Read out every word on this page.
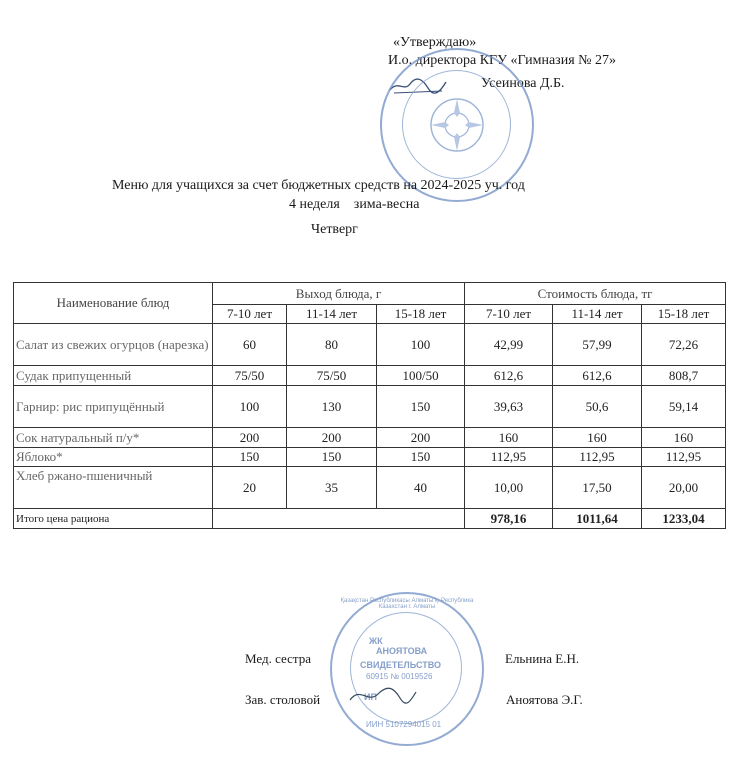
«Утверждаю»
И.о. директора КГУ «Гимназия № 27»
Усеинова Д.Б.
Меню для учащихся за счет бюджетных средств на 2024-2025 уч. год
4 неделя    зима-весна
Четверг
Наименование блюд	Выход блюда, г			Стоимость блюда, тг		
	7-10 лет	11-14 лет	15-18 лет	7-10 лет	11-14 лет	15-18 лет
Салат из свежих огурцов (нарезка)	60	80	100	42,99	57,99	72,26
Судак припущенный	75/50	75/50	100/50	612,6	612,6	808,7
Гарнир: рис припущённый	100	130	150	39,63	50,6	59,14
Сок натуральный п/у*	200	200	200	160	160	160
Яблоко*	150	150	150	112,95	112,95	112,95
Хлеб ржано-пшеничный	20	35	40	10,00	17,50	20,00
Итого цена рациона				978,16	1011,64	1233,04
ЖК
АНОЯТОВА
СВИДЕТЕЛЬСТВО
60915 № 0019526
ИП
ИИН 5107294015 01
Қазақстан Республикасы Алматы қ. Республика Казахстан г. Алматы
Мед. сестра	Ельнина Е.Н.
Зав. столовой	Аноятова Э.Г.
